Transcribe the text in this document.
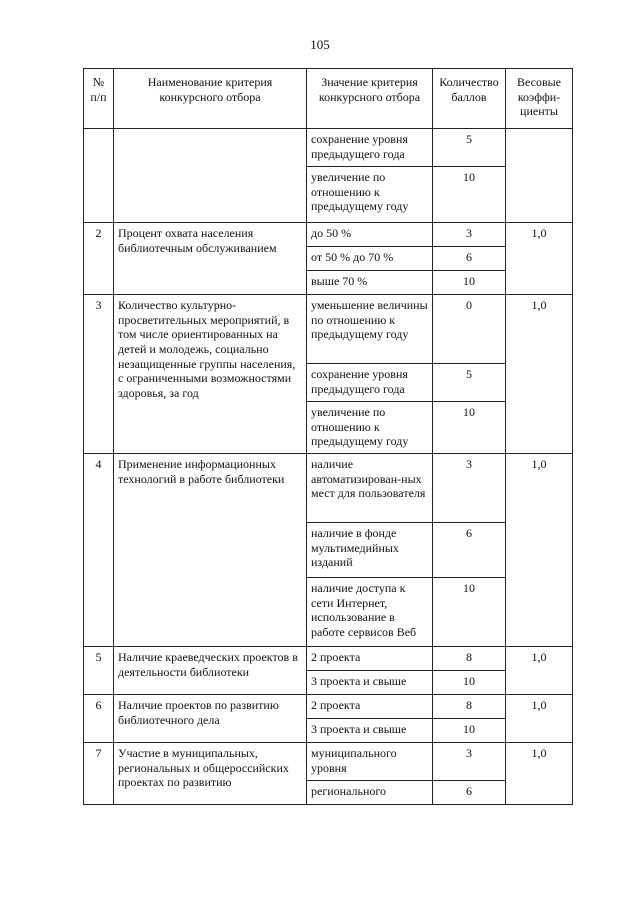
105
№ п/п	Наименование критерия конкурсного отбора	Значение критерия конкурсного отбора	Количество баллов	Весовые коэффи-циенты
		сохранение уровня предыдущего года	5	
		увеличение по отношению к предыдущему году	10	
2	Процент охвата населения библиотечным обслуживанием	до 50 %	3	1,0
		от 50 % до 70 %	6	
		выше 70 %	10	
3	Количество культурно-просветительных мероприятий, в том числе ориентированных на детей и молодежь, социально незащищенные группы населения, с ограниченными возможностями здоровья, за год	уменьшение величины по отношению к предыдущему году	0	1,0
		сохранение уровня предыдущего года	5	
		увеличение по отношению к предыдущему году	10	
4	Применение информационных технологий в работе библиотеки	наличие автоматизирован-ных мест для пользователя	3	1,0
		наличие в фонде мультимедийных изданий	6	
		наличие доступа к сети Интернет, использование в работе сервисов Веб	10	
5	Наличие краеведческих проектов в деятельности библиотеки	2 проекта	8	1,0
		3 проекта и свыше	10	
6	Наличие проектов по развитию библиотечного дела	2 проекта	8	1,0
		3 проекта и свыше	10	
7	Участие в муниципальных, региональных и общероссийских проектах по развитию	муниципального уровня	3	1,0
		регионального	6	
